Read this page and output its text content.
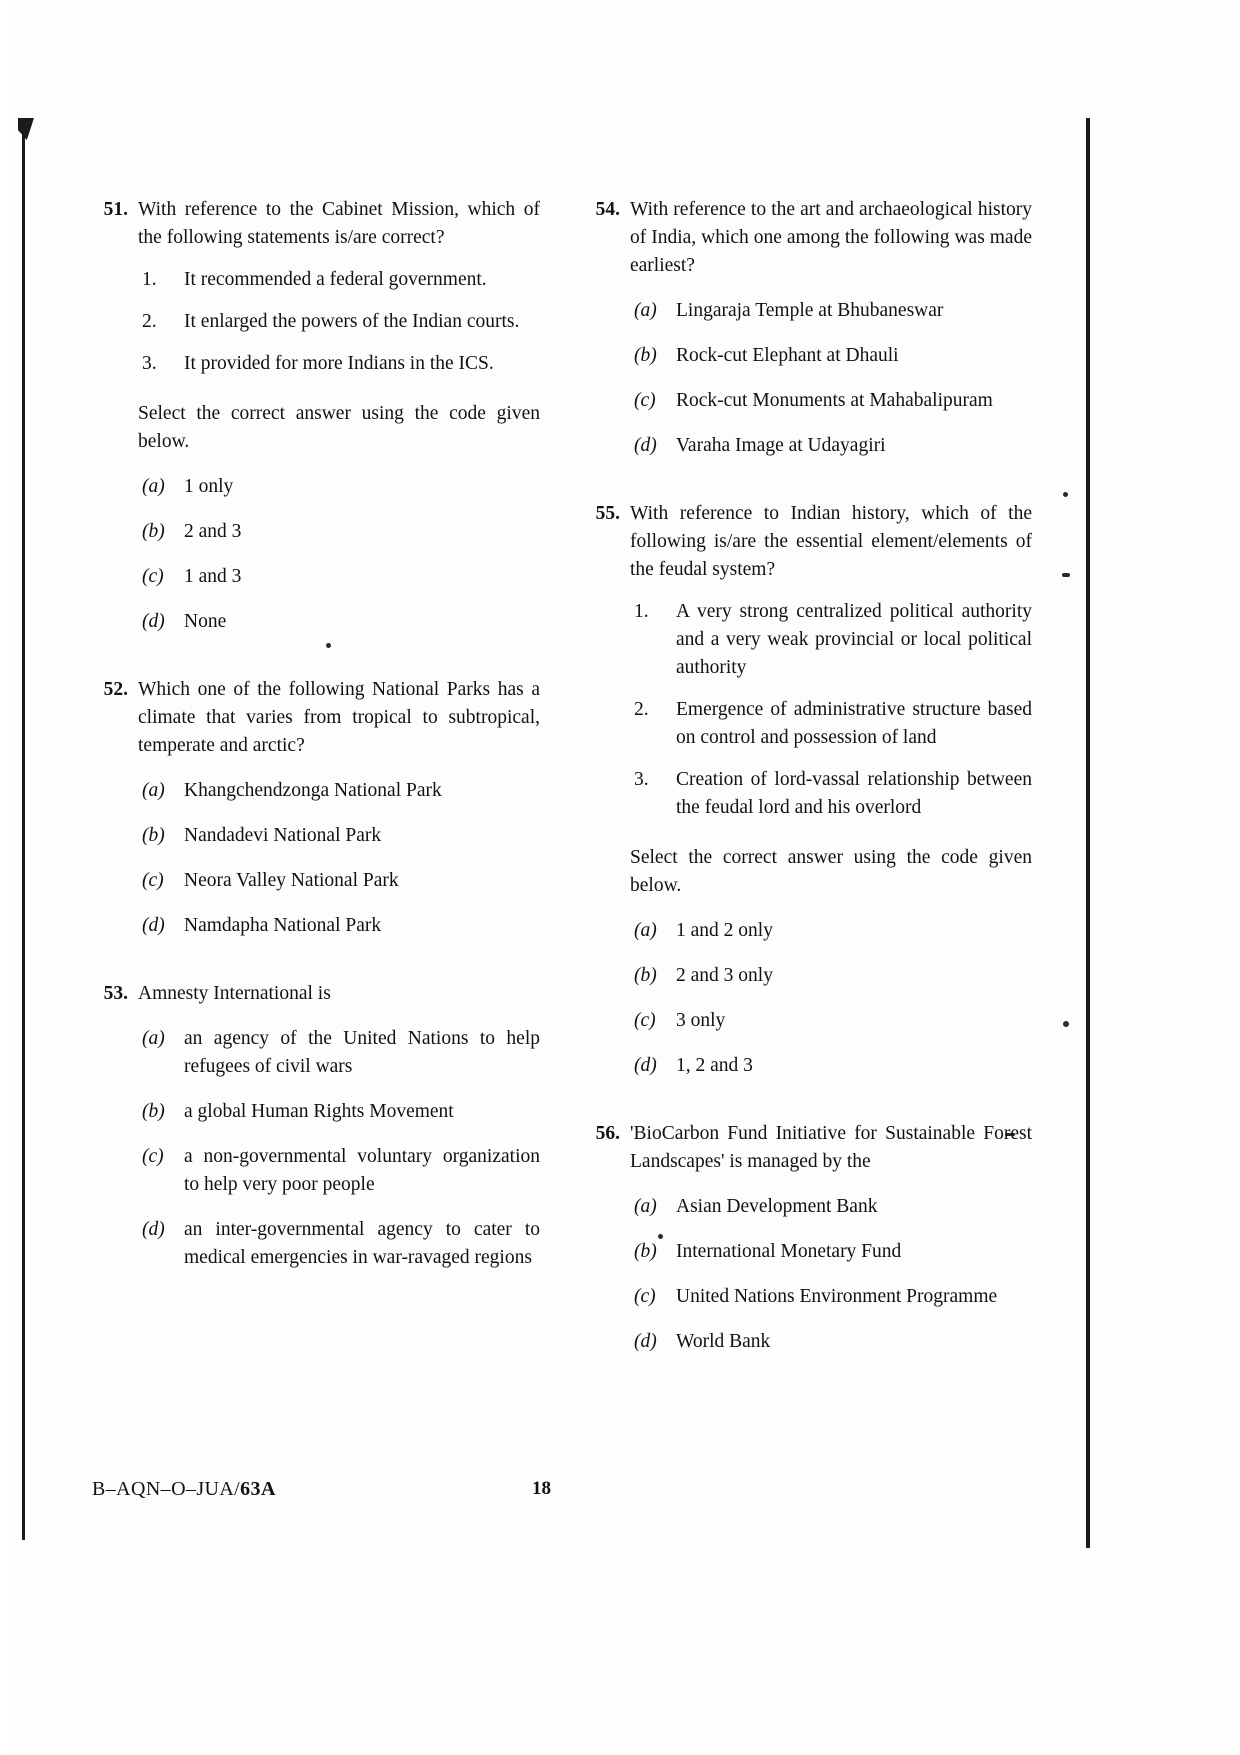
51. With reference to the Cabinet Mission, which of the following statements is/are correct?

1.	It recommended a federal government.
2.	It enlarged the powers of the Indian courts.
3.	It provided for more Indians in the ICS.

Select the correct answer using the code given below.

(a) 1 only
(b) 2 and 3
(c)	1 and 3
(d) None
52. Which one of the following National Parks has a climate that varies from tropical to subtropical, temperate and arctic?

(a) Khangchendzonga National Park
(b) Nandadevi National Park
(c)	Neora Valley National Park
(d) Namdapha National Park
53. Amnesty International is

(a) an agency of the United Nations to help refugees of civil wars
(b) a global Human Rights Movement
(c)	a non-governmental voluntary organization to help very poor people
(d) an inter-governmental agency to cater to medical emergencies in war-ravaged regions
54. With reference to the art and archaeological history of India, which one among the following was made earliest?

(a) Lingaraja Temple at Bhubaneswar
(b) Rock-cut Elephant at Dhauli
(c)	Rock-cut Monuments at Mahabalipuram
(d) Varaha Image at Udayagiri
55. With reference to Indian history, which of the following is/are the essential element/elements of the feudal system?

1.	A very strong centralized political authority and a very weak provincial or local political authority
2.	Emergence of administrative structure based on control and possession of land
3.	Creation of lord-vassal relationship between the feudal lord and his overlord

Select the correct answer using the code given below.

(a) 1 and 2 only
(b) 2 and 3 only
(c)	3 only
(d) 1, 2 and 3
56. 'BioCarbon Fund Initiative for Sustainable Forest Landscapes' is managed by the

(a) Asian Development Bank
(b) International Monetary Fund
(c)	United Nations Environment Programme
(d) World Bank
B–AQN–O–JUA/63A	18
